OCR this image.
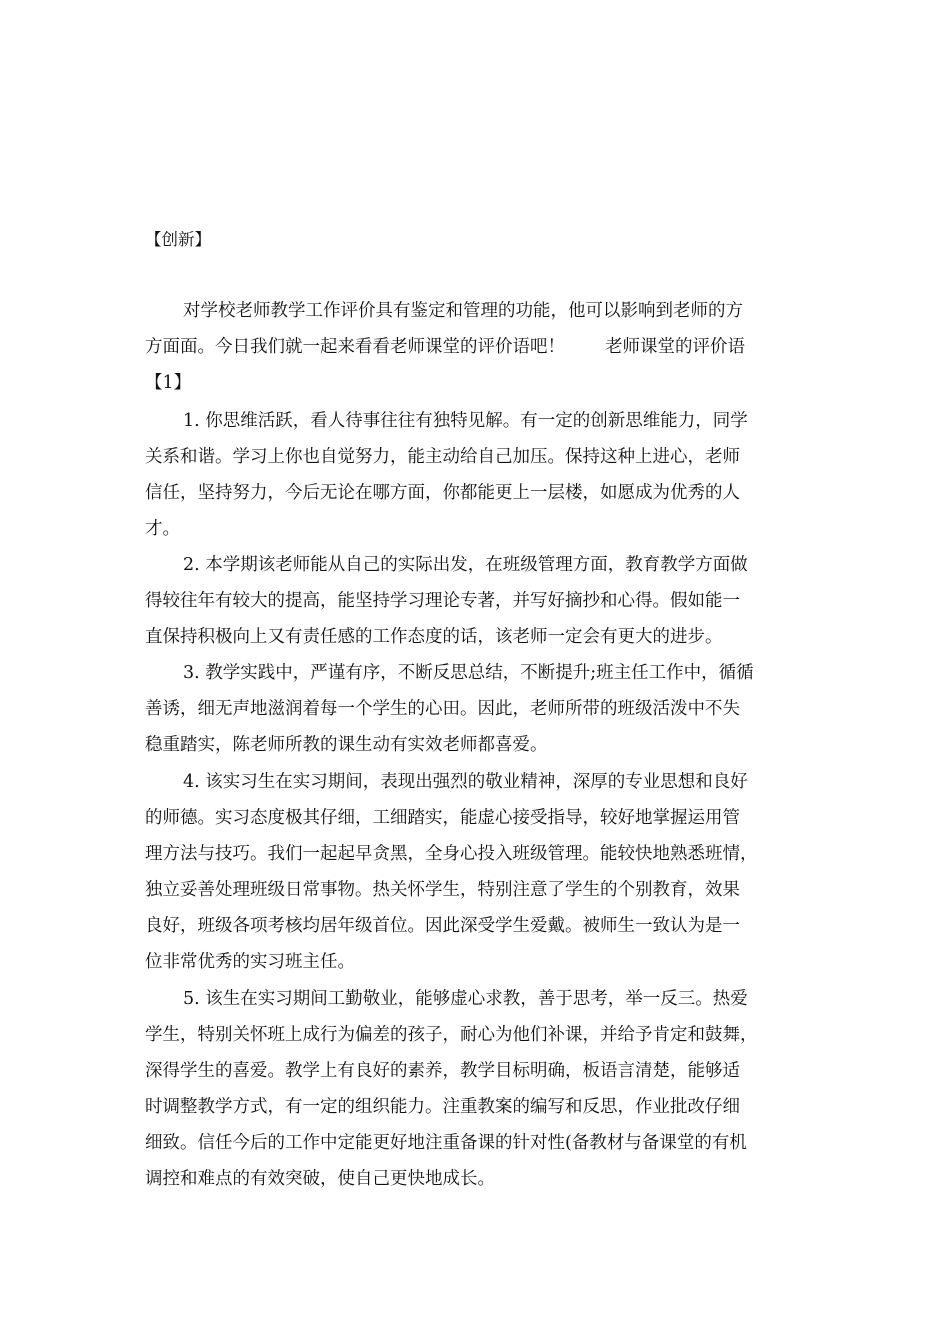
【创新】
对学校老师教学工作评价具有鉴定和管理的功能，他可以影响到老师的方
方面面。今日我们就一起来看看老师课堂的评价语吧！ 老师课堂的评价语
【1】
1. 你思维活跃，看人待事往往有独特见解。有一定的创新思维能力，同学
关系和谐。学习上你也自觉努力，能主动给自己加压。保持这种上进心，老师
信任，坚持努力，今后无论在哪方面，你都能更上一层楼，如愿成为优秀的人
才。
2. 本学期该老师能从自己的实际出发，在班级管理方面，教育教学方面做
得较往年有较大的提高，能坚持学习理论专著，并写好摘抄和心得。假如能一
直保持积极向上又有责任感的工作态度的话，该老师一定会有更大的进步。
3. 教学实践中，严谨有序，不断反思总结，不断提升;班主任工作中，循循
善诱，细无声地滋润着每一个学生的心田。因此，老师所带的班级活泼中不失
稳重踏实，陈老师所教的课生动有实效老师都喜爱。
4. 该实习生在实习期间，表现出强烈的敬业精神，深厚的专业思想和良好
的师德。实习态度极其仔细，工细踏实，能虚心接受指导，较好地掌握运用管
理方法与技巧。我们一起起早贪黑，全身心投入班级管理。能较快地熟悉班情，
独立妥善处理班级日常事物。热关怀学生，特别注意了学生的个别教育，效果
良好，班级各项考核均居年级首位。因此深受学生爱戴。被师生一致认为是一
位非常优秀的实习班主任。
5. 该生在实习期间工勤敬业，能够虚心求教，善于思考，举一反三。热爱
学生，特别关怀班上成行为偏差的孩子，耐心为他们补课，并给予肯定和鼓舞，
深得学生的喜爱。教学上有良好的素养，教学目标明确，板语言清楚，能够适
时调整教学方式，有一定的组织能力。注重教案的编写和反思，作业批改仔细
细致。信任今后的工作中定能更好地注重备课的针对性(备教材与备课堂的有机
调控和难点的有效突破，使自己更快地成长。
